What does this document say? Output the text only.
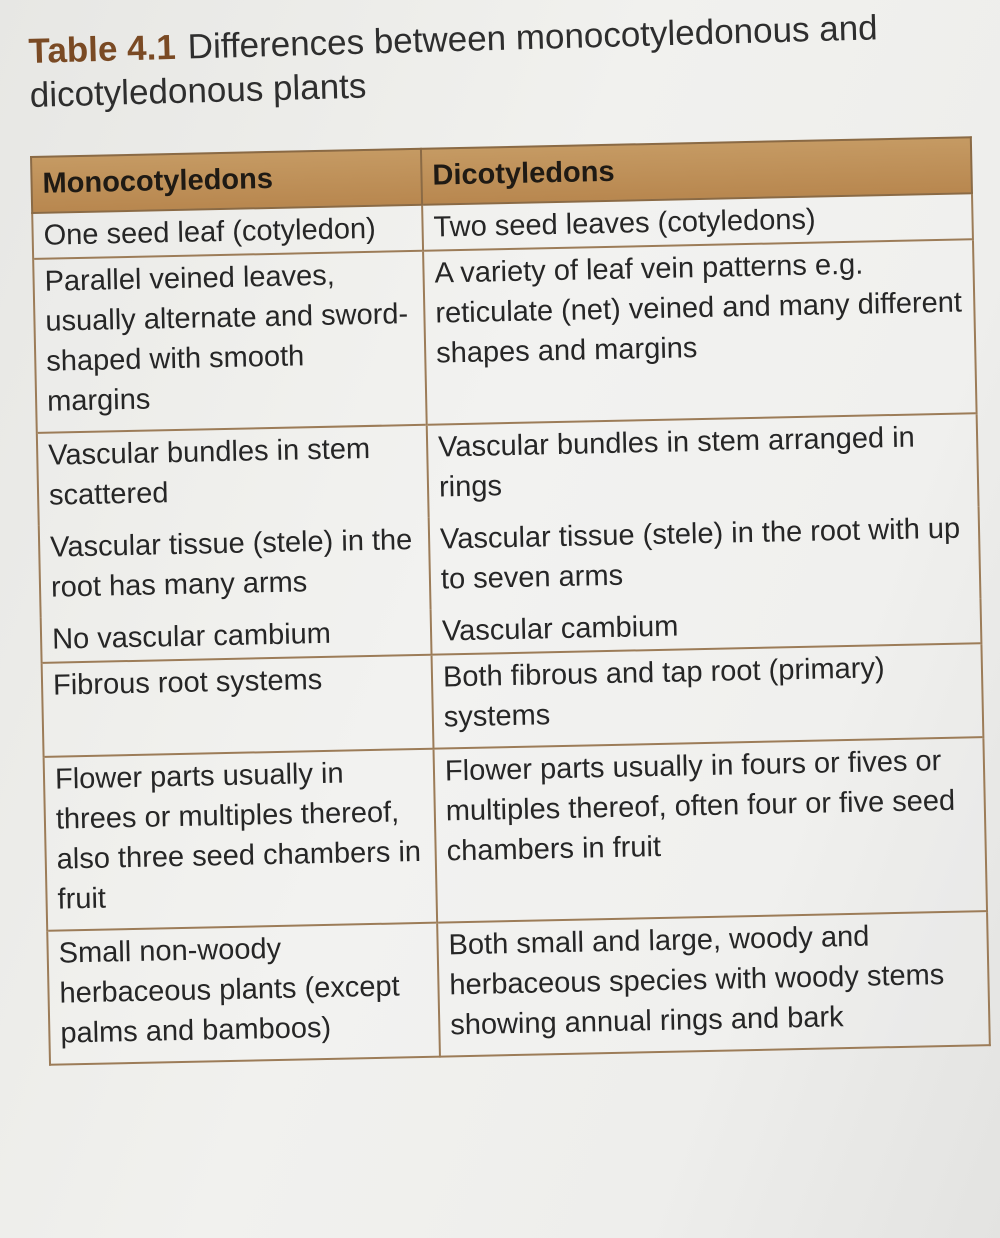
Table 4.1 Differences between monocotyledonous and dicotyledonous plants
Monocotyledons	Dicotyledons
One seed leaf (cotyledon)	Two seed leaves (cotyledons)
Parallel veined leaves, usually alternate and sword-shaped with smooth margins	A variety of leaf vein patterns e.g. reticulate (net) veined and many different shapes and margins
Vascular bundles in stem scattered	Vascular bundles in stem arranged in rings
Vascular tissue (stele) in the root has many arms	Vascular tissue (stele) in the root with up to seven arms
No vascular cambium	Vascular cambium
Fibrous root systems	Both fibrous and tap root (primary) systems
Flower parts usually in threes or multiples thereof, also three seed chambers in fruit	Flower parts usually in fours or fives or multiples thereof, often four or five seed chambers in fruit
Small non-woody herbaceous plants (except palms and bamboos)	Both small and large, woody and herbaceous species with woody stems showing annual rings and bark
